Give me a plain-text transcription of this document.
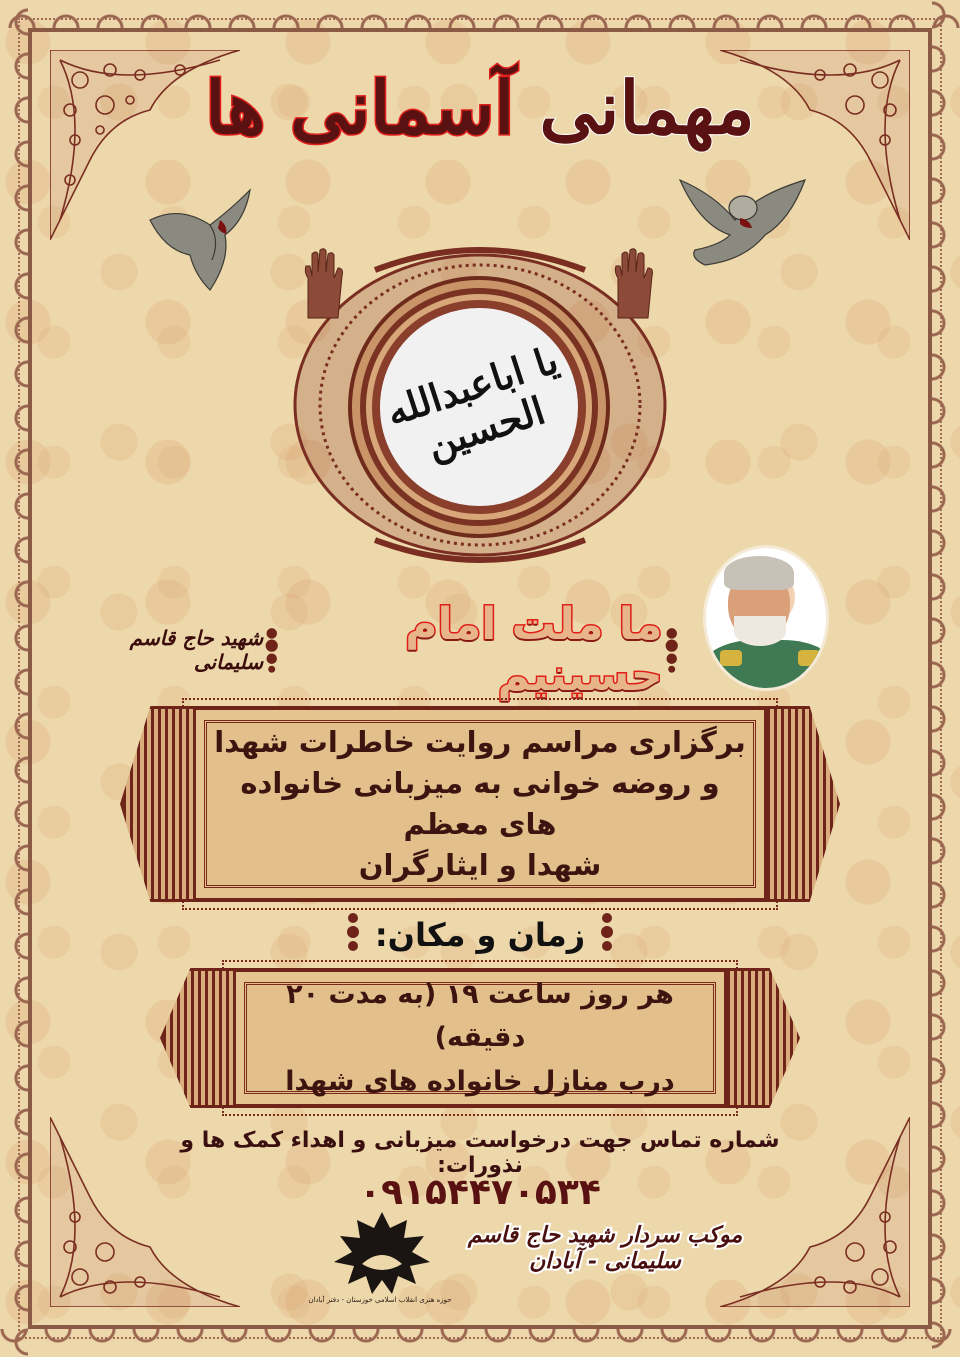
مهمانی آسمانی ها
یا اباعبدالله الحسین
ما ملت امام حسینیم
شهید حاج قاسم سلیمانی
برگزاری مراسم روایت خاطرات شهدا
و روضه خوانی به میزبانی خانواده های معظم
شهدا و ایثارگران
زمان و مکان:
هر روز ساعت ۱۹ (به مدت ۲۰ دقیقه)
درب منازل خانواده های شهدا
شماره تماس جهت درخواست میزبانی و اهداء کمک ها و نذورات:
۰۹۱۵۴۴۷۰۵۳۴
حوزه هنری انقلاب اسلامی خوزستان - دفتر آبادان
موکب سردار شهید حاج قاسم سلیمانی - آبادان
